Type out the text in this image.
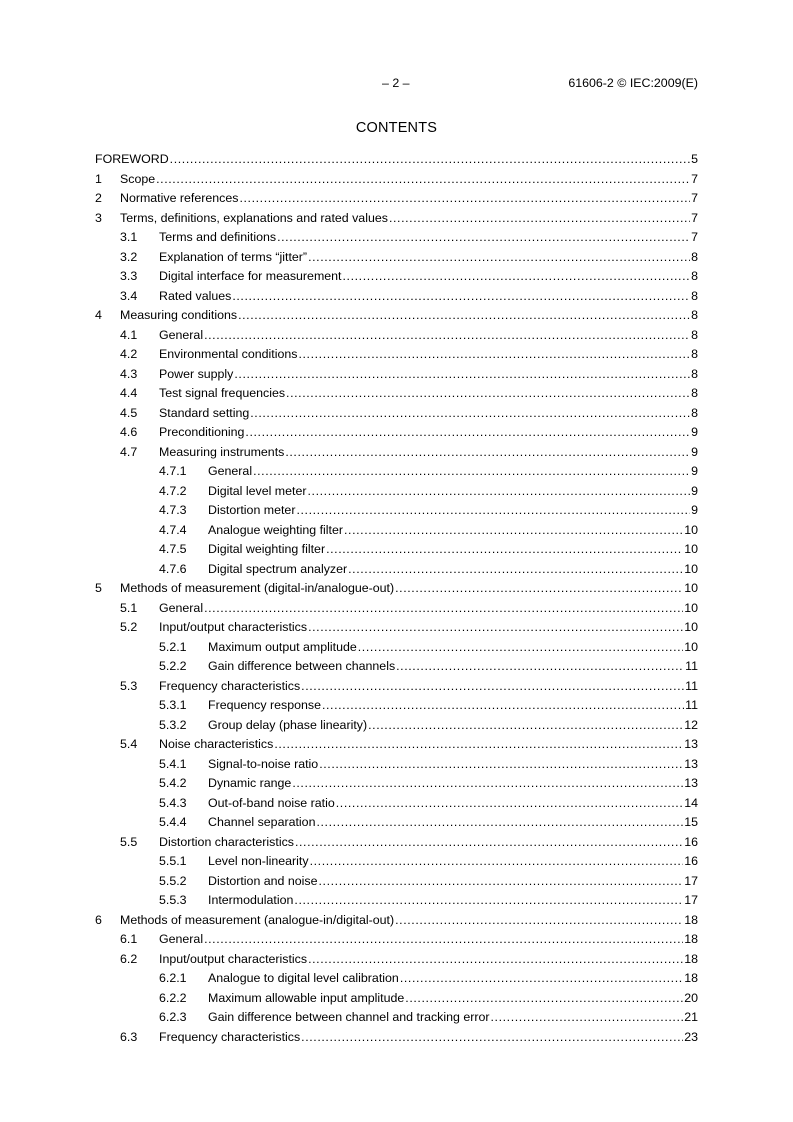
– 2 –	61606-2 © IEC:2009(E)
CONTENTS
FOREWORD .....	5
1 Scope .....	7
2 Normative references .....	7
3 Terms, definitions, explanations and rated values .....	7
3.1 Terms and definitions .....	7
3.2 Explanation of terms “jitter” .....	8
3.3 Digital interface for measurement .....	8
3.4 Rated values .....	8
4 Measuring conditions .....	8
4.1 General .....	8
4.2 Environmental conditions .....	8
4.3 Power supply .....	8
4.4 Test signal frequencies .....	8
4.5 Standard setting .....	8
4.6 Preconditioning .....	9
4.7 Measuring instruments .....	9
4.7.1 General .....	9
4.7.2 Digital level meter .....	9
4.7.3 Distortion meter .....	9
4.7.4 Analogue weighting filter .....	10
4.7.5 Digital weighting filter .....	10
4.7.6 Digital spectrum analyzer .....	10
5 Methods of measurement (digital-in/analogue-out) .....	10
5.1 General .....	10
5.2 Input/output characteristics .....	10
5.2.1 Maximum output amplitude .....	10
5.2.2 Gain difference between channels .....	11
5.3 Frequency characteristics .....	11
5.3.1 Frequency response .....	11
5.3.2 Group delay (phase linearity) .....	12
5.4 Noise characteristics .....	13
5.4.1 Signal-to-noise ratio .....	13
5.4.2 Dynamic range .....	13
5.4.3 Out-of-band noise ratio .....	14
5.4.4 Channel separation .....	15
5.5 Distortion characteristics .....	16
5.5.1 Level non-linearity .....	16
5.5.2 Distortion and noise .....	17
5.5.3 Intermodulation .....	17
6 Methods of measurement (analogue-in/digital-out) .....	18
6.1 General .....	18
6.2 Input/output characteristics .....	18
6.2.1 Analogue to digital level calibration .....	18
6.2.2 Maximum allowable input amplitude .....	20
6.2.3 Gain difference between channel and tracking error .....	21
6.3 Frequency characteristics .....	23
